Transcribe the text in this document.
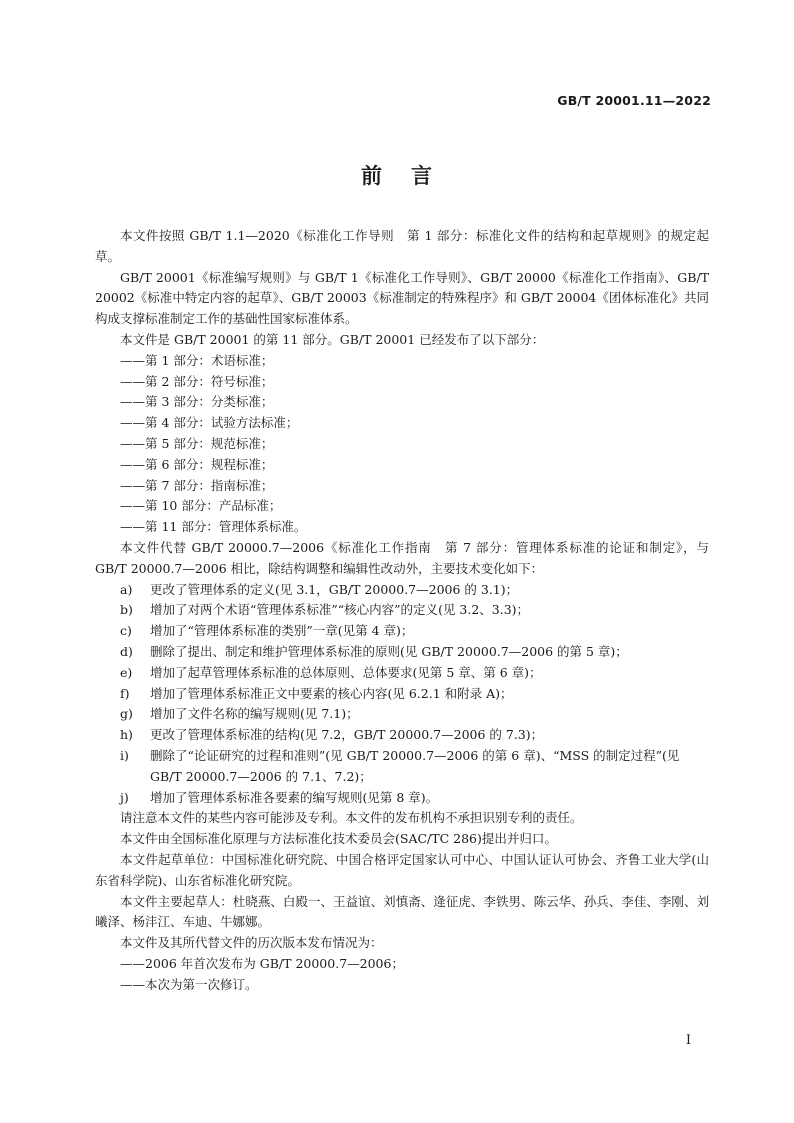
GB/T 20001.11—2022
前 言

本文件按照 GB/T 1.1—2020《标准化工作导则　第 1 部分：标准化文件的结构和起草规则》的规定起草。

GB/T 20001《标准编写规则》与 GB/T 1《标准化工作导则》、GB/T 20000《标准化工作指南》、GB/T 20002《标准中特定内容的起草》、GB/T 20003《标准制定的特殊程序》和 GB/T 20004《团体标准化》共同构成支撑标准制定工作的基础性国家标准体系。

本文件是 GB/T 20001 的第 11 部分。GB/T 20001 已经发布了以下部分：

——第 1 部分：术语标准；

——第 2 部分：符号标准；

——第 3 部分：分类标准；

——第 4 部分：试验方法标准；

——第 5 部分：规范标准；

——第 6 部分：规程标准；

——第 7 部分：指南标准；

——第 10 部分：产品标准；

——第 11 部分：管理体系标准。

本文件代替 GB/T 20000.7—2006《标准化工作指南　第 7 部分：管理体系标准的论证和制定》，与 GB/T 20000.7—2006 相比，除结构调整和编辑性改动外，主要技术变化如下：

a)	更改了管理体系的定义(见 3.1，GB/T 20000.7—2006 的 3.1)；
b)	增加了对两个术语“管理体系标准”“核心内容”的定义(见 3.2、3.3)；
c)	增加了“管理体系标准的类别”一章(见第 4 章)；
d)	删除了提出、制定和维护管理体系标准的原则(见 GB/T 20000.7—2006 的第 5 章)；
e)	增加了起草管理体系标准的总体原则、总体要求(见第 5 章、第 6 章)；
f)	增加了管理体系标准正文中要素的核心内容(见 6.2.1 和附录 A)；
g)	增加了文件名称的编写规则(见 7.1)；
h)	更改了管理体系标准的结构(见 7.2，GB/T 20000.7—2006 的 7.3)；
i)	删除了“论证研究的过程和准则”(见 GB/T 20000.7—2006 的第 6 章)、“MSS 的制定过程”(见 GB/T 20000.7—2006 的 7.1、7.2)；
j)	增加了管理体系标准各要素的编写规则(见第 8 章)。

请注意本文件的某些内容可能涉及专利。本文件的发布机构不承担识别专利的责任。

本文件由全国标准化原理与方法标准化技术委员会(SAC/TC 286)提出并归口。

本文件起草单位：中国标准化研究院、中国合格评定国家认可中心、中国认证认可协会、齐鲁工业大学(山东省科学院)、山东省标准化研究院。

本文件主要起草人：杜晓燕、白殿一、王益谊、刘慎斋、逄征虎、李铁男、陈云华、孙兵、李佳、李刚、刘曦泽、杨沣江、车迪、牛娜娜。

本文件及其所代替文件的历次版本发布情况为：

——2006 年首次发布为 GB/T 20000.7—2006；

——本次为第一次修订。

I
